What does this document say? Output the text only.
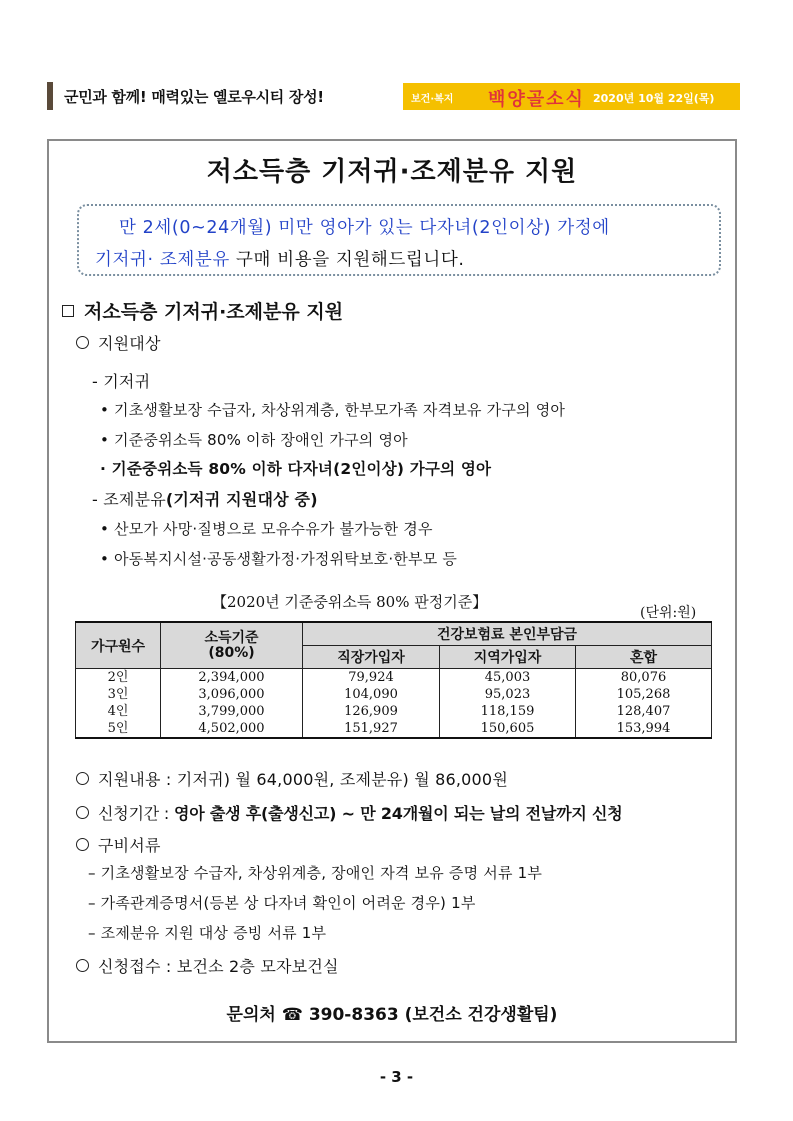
군민과 함께! 매력있는 옐로우시티 장성!	보건·복지 백양골소식 2020년 10월 22일(목)
저소득층 기저귀·조제분유 지원
만 2세(0~24개월) 미만 영아가 있는 다자녀(2인이상) 가정에
기저귀· 조제분유 구매 비용을 지원해드립니다.
저소득층 기저귀·조제분유 지원
지원대상
- 기저귀
• 기초생활보장 수급자, 차상위계층, 한부모가족 자격보유 가구의 영아
• 기준중위소득 80% 이하 장애인 가구의 영아
· 기준중위소득 80% 이하 다자녀(2인이상) 가구의 영아
- 조제분유(기저귀 지원대상 중)
• 산모가 사망·질병으로 모유수유가 불가능한 경우
• 아동복지시설·공동생활가정·가정위탁보호·한부모 등
【2020년 기준중위소득 80% 판정기준】
(단위:원)
가구원수	소득기준
(80%)	건강보험료 본인부담금		
		직장가입자	지역가입자	혼합
2인	2,394,000	79,924	45,003	80,076
3인	3,096,000	104,090	95,023	105,268
4인	3,799,000	126,909	118,159	128,407
5인	4,502,000	151,927	150,605	153,994
지원내용 : 기저귀) 월 64,000원, 조제분유) 월 86,000원
신청기간 : 영아 출생 후(출생신고) ~ 만 24개월이 되는 날의 전날까지 신청
구비서류
– 기초생활보장 수급자, 차상위계층, 장애인 자격 보유 증명 서류 1부
– 가족관계증명서(등본 상 다자녀 확인이 어려운 경우) 1부
– 조제분유 지원 대상 증빙 서류 1부
신청접수 : 보건소 2층 모자보건실
문의처 ☎ 390-8363 (보건소 건강생활팀)
- 3 -
